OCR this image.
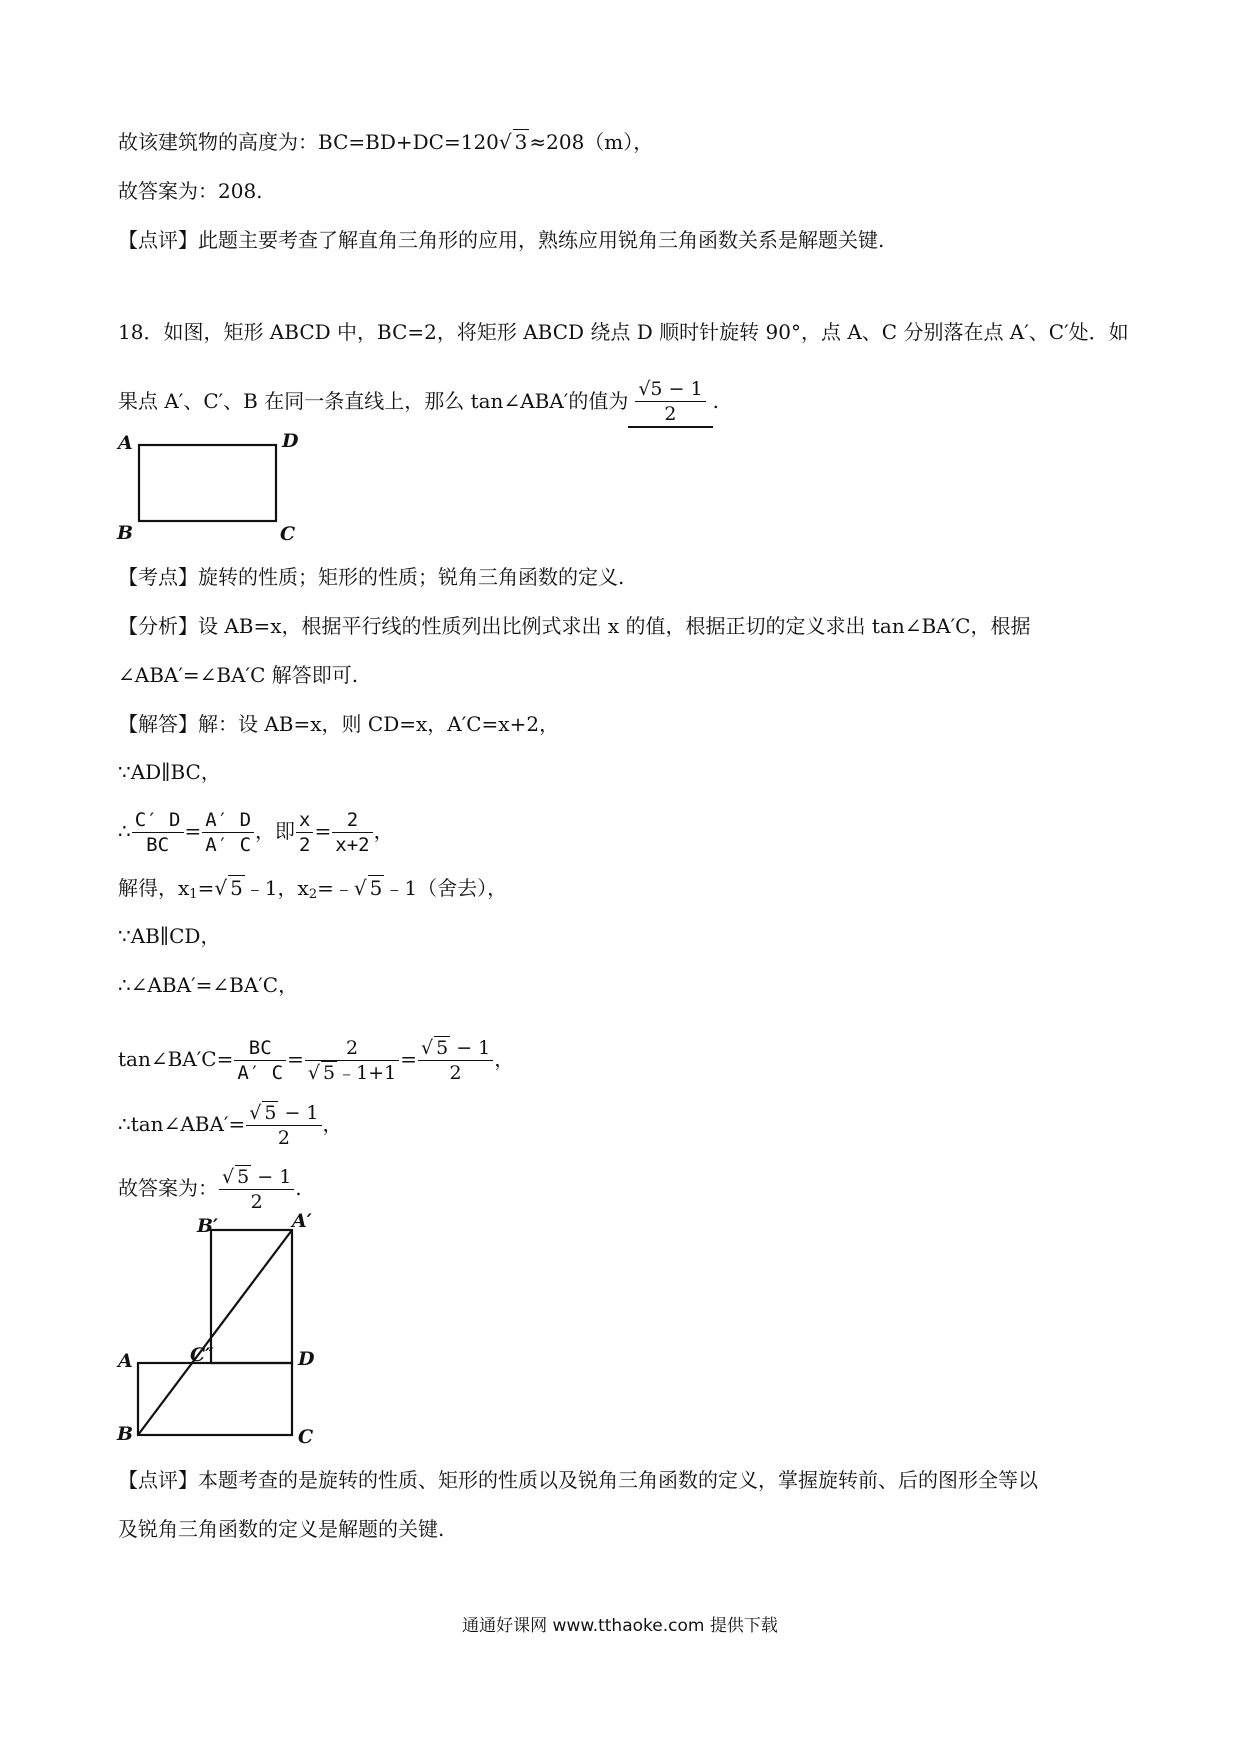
故该建筑物的高度为：BC=BD+DC=120√ 3 ≈208（m），
故答案为：208.
【点评】此题主要考查了解直角三角形的应用，熟练应用锐角三角函数关系是解题关键.
18．如图，矩形 ABCD 中，BC=2，将矩形 ABCD 绕点 D 顺时针旋转 90°，点 A、C 分别落在点 A′、C′处．如
果点 A′、C′、B 在同一条直线上，那么 tan∠ABA′的值为 $\frac{√5 - 1}{2}$ .
A	D
B	C
【考点】旋转的性质；矩形的性质；锐角三角函数的定义.
【分析】设 AB=x，根据平行线的性质列出比例式求出 x 的值，根据正切的定义求出 tan∠BA′C，根据
∠ABA′=∠BA′C 解答即可.
【解答】解：设 AB=x，则 CD=x，A′C=x+2，
∵AD∥BC，
∴ $\frac{C' D}{BC} = \frac{A' D}{A' C}$ ，即 $\frac{x}{2} = \frac{2}{x+2}$ ，
解得，$x_1=√$ 5 ﹣1，$x_2=﹣√$ 5 ﹣1（舍去），
∵AB∥CD，
∴∠ABA′=∠BA′C，
tan∠BA′C= $\frac{BC}{A' C} = \frac{2}{√ 5 ﹣1+1} = \frac{√ 5 - 1}{2}$ ，
∴tan∠ABA′= $\frac{√ 5 - 1}{2}$ ，
故答案为： $\frac{√ 5 - 1}{2}$ .
B′	A′
C″
A	D
B	C
【点评】本题考查的是旋转的性质、矩形的性质以及锐角三角函数的定义，掌握旋转前、后的图形全等以
及锐角三角函数的定义是解题的关键.
通通好课网 www.tthaoke.com 提供下载
